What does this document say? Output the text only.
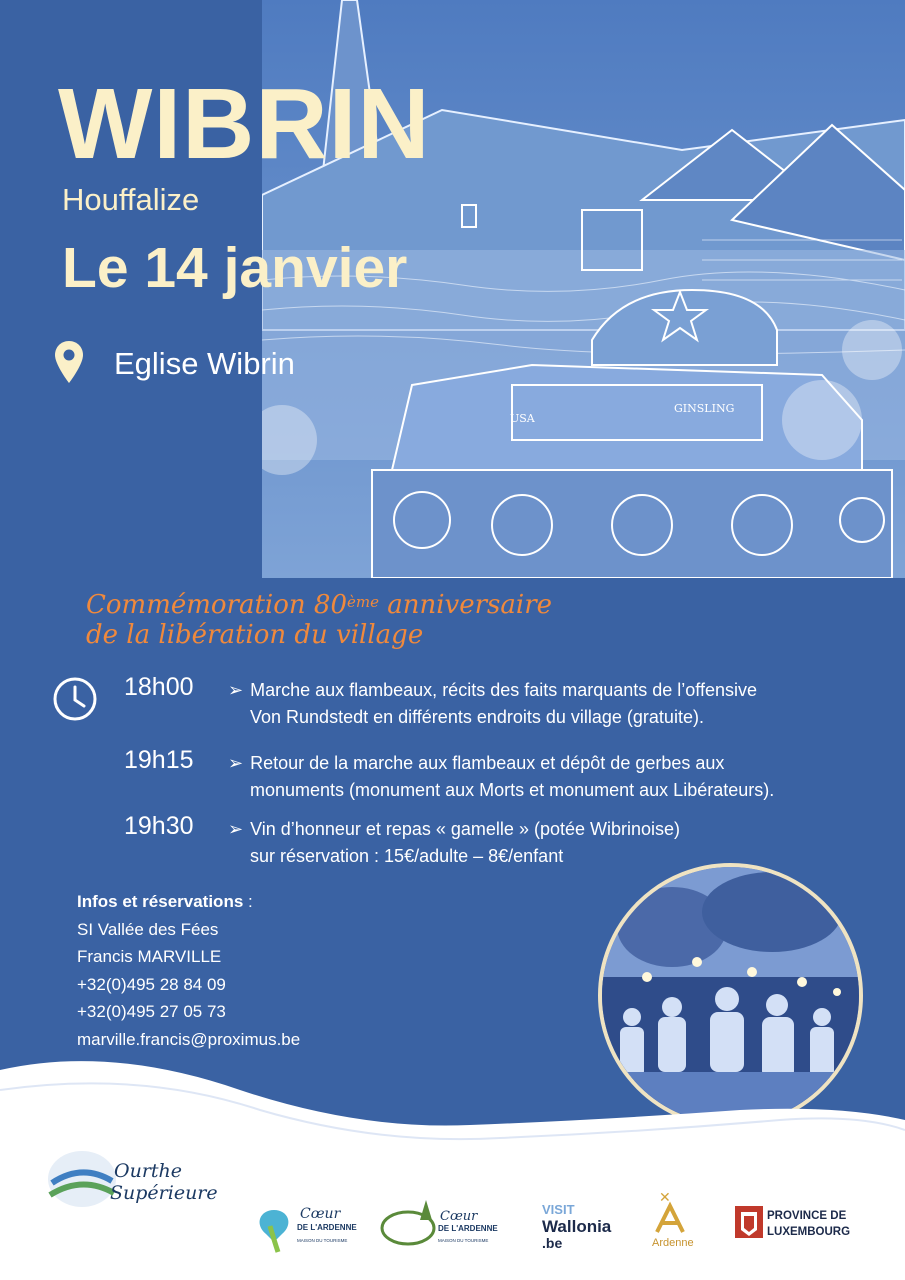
USA
GINSLING
WIBRIN
Houffalize
Le 14 janvier
Eglise Wibrin
Commémoration 80ème anniversaire
de la libération du village
18h00 ➢ Marche aux flambeaux, récits des faits marquants de l’offensive
Von Rundstedt en différents endroits du village (gratuite).
19h15 ➢ Retour de la marche aux flambeaux et dépôt de gerbes aux
monuments (monument aux Morts et monument aux Libérateurs).
19h30 ➢ Vin d’honneur et repas « gamelle » (potée Wibrinoise)
sur réservation : 15€/adulte – 8€/enfant
Infos et réservations :
SI Vallée des Fées
Francis MARVILLE
+32(0)495 28 84 09
+32(0)495 27 05 73
marville.francis@proximus.be
Ourthe
Supérieure
Cœur
DE L'ARDENNE
MAISON DU TOURISME
Cœur
DE L'ARDENNE
MAISON DU TOURISME
VISIT
Wallonia
.be
✕
Ardenne
PROVINCE DE
LUXEMBOURG
